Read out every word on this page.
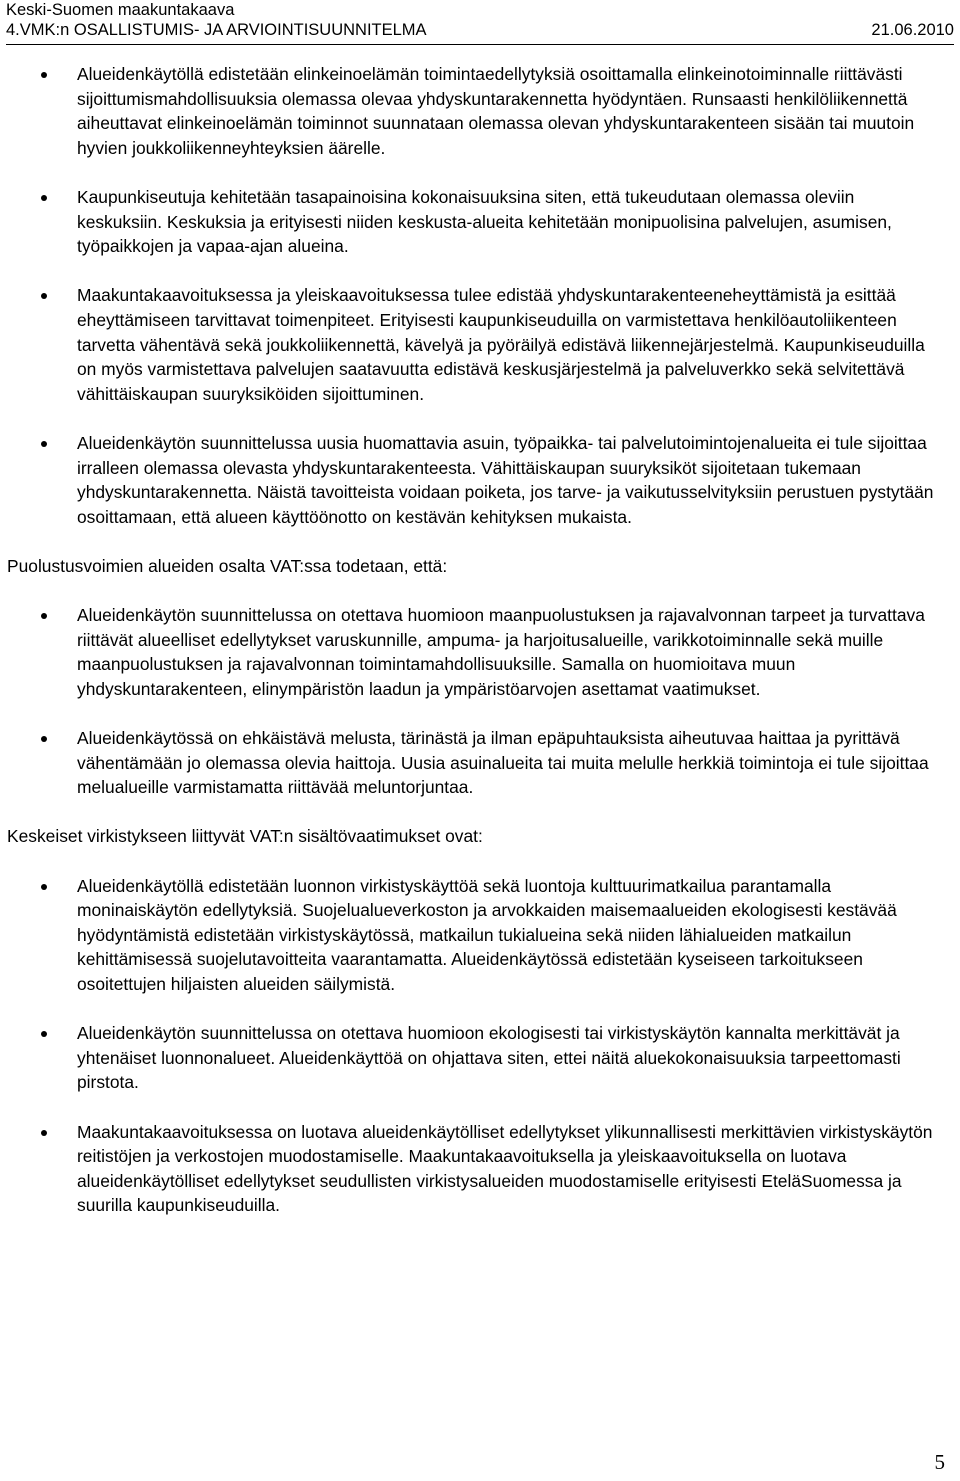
Keski-Suomen maakuntakaava
4.VMK:n OSALLISTUMIS- JA ARVIOINTISUUNNITELMA	21.06.2010
Alueidenkäytöllä edistetään elinkeinoelämän toimintaedellytyksiä osoittamalla elinkeinotoiminnalle riittävästi sijoittumismahdollisuuksia olemassa olevaa yhdyskuntarakennetta hyödyntäen. Runsaasti henkilöliikennettä aiheuttavat elinkeinoelämän toiminnot suunnataan olemassa olevan yhdyskuntarakenteen sisään tai muutoin hyvien joukkoliikenneyhteyksien äärelle.
Kaupunkiseutuja kehitetään tasapainoisina kokonaisuuksina siten, että tukeudutaan olemassa oleviin keskuksiin. Keskuksia ja erityisesti niiden keskusta-alueita kehitetään monipuolisina palvelujen, asumisen, työpaikkojen ja vapaa-ajan alueina.
Maakuntakaavoituksessa ja yleiskaavoituksessa tulee edistää yhdyskuntarakenteeneheyttämistä ja esittää eheyttämiseen tarvittavat toimenpiteet. Erityisesti kaupunkiseuduilla on varmistettava henkilöautoliikenteen tarvetta vähentävä sekä joukkoliikennettä, kävelyä ja pyöräilyä edistävä liikennejärjestelmä. Kaupunkiseuduilla on myös varmistettava palvelujen saatavuutta edistävä keskusjärjestelmä ja palveluverkko sekä selvitettävä vähittäiskaupan suuryksiköiden sijoittuminen.
Alueidenkäytön suunnittelussa uusia huomattavia asuin, työpaikka- tai palvelutoimintojenalueita ei tule sijoittaa irralleen olemassa olevasta yhdyskuntarakenteesta. Vähittäiskaupan suuryksiköt sijoitetaan tukemaan yhdyskuntarakennetta. Näistä tavoitteista voidaan poiketa, jos tarve- ja vaikutusselvityksiin perustuen pystytään osoittamaan, että alueen käyttöönotto on kestävän kehityksen mukaista.

Puolustusvoimien alueiden osalta VAT:ssa todetaan, että:

Alueidenkäytön suunnittelussa on otettava huomioon maanpuolustuksen ja rajavalvonnan tarpeet ja turvattava riittävät alueelliset edellytykset varuskunnille, ampuma- ja harjoitusalueille, varikkotoiminnalle sekä muille maanpuolustuksen ja rajavalvonnan toimintamahdollisuuksille. Samalla on huomioitava muun yhdyskuntarakenteen, elinympäristön laadun ja ympäristöarvojen asettamat vaatimukset.
Alueidenkäytössä on ehkäistävä melusta, tärinästä ja ilman epäpuhtauksista aiheutuvaa haittaa ja pyrittävä vähentämään jo olemassa olevia haittoja. Uusia asuinalueita tai muita melulle herkkiä toimintoja ei tule sijoittaa melualueille varmistamatta riittävää meluntorjuntaa.

Keskeiset virkistykseen liittyvät VAT:n sisältövaatimukset ovat:

Alueidenkäytöllä edistetään luonnon virkistyskäyttöä sekä luontoja kulttuurimatkailua parantamalla moninaiskäytön edellytyksiä. Suojelualueverkoston ja arvokkaiden maisemaalueiden ekologisesti kestävää hyödyntämistä edistetään virkistyskäytössä, matkailun tukialueina sekä niiden lähialueiden matkailun kehittämisessä suojelutavoitteita vaarantamatta. Alueidenkäytössä edistetään kyseiseen tarkoitukseen osoitettujen hiljaisten alueiden säilymistä.
Alueidenkäytön suunnittelussa on otettava huomioon ekologisesti tai virkistyskäytön kannalta merkittävät ja yhtenäiset luonnonalueet. Alueidenkäyttöä on ohjattava siten, ettei näitä aluekokonaisuuksia tarpeettomasti pirstota.
Maakuntakaavoituksessa on luotava alueidenkäytölliset edellytykset ylikunnallisesti merkittävien virkistyskäytön reitistöjen ja verkostojen muodostamiselle. Maakuntakaavoituksella ja yleiskaavoituksella on luotava alueidenkäytölliset edellytykset seudullisten virkistysalueiden muodostamiselle erityisesti EteläSuomessa ja suurilla kaupunkiseuduilla.
5
